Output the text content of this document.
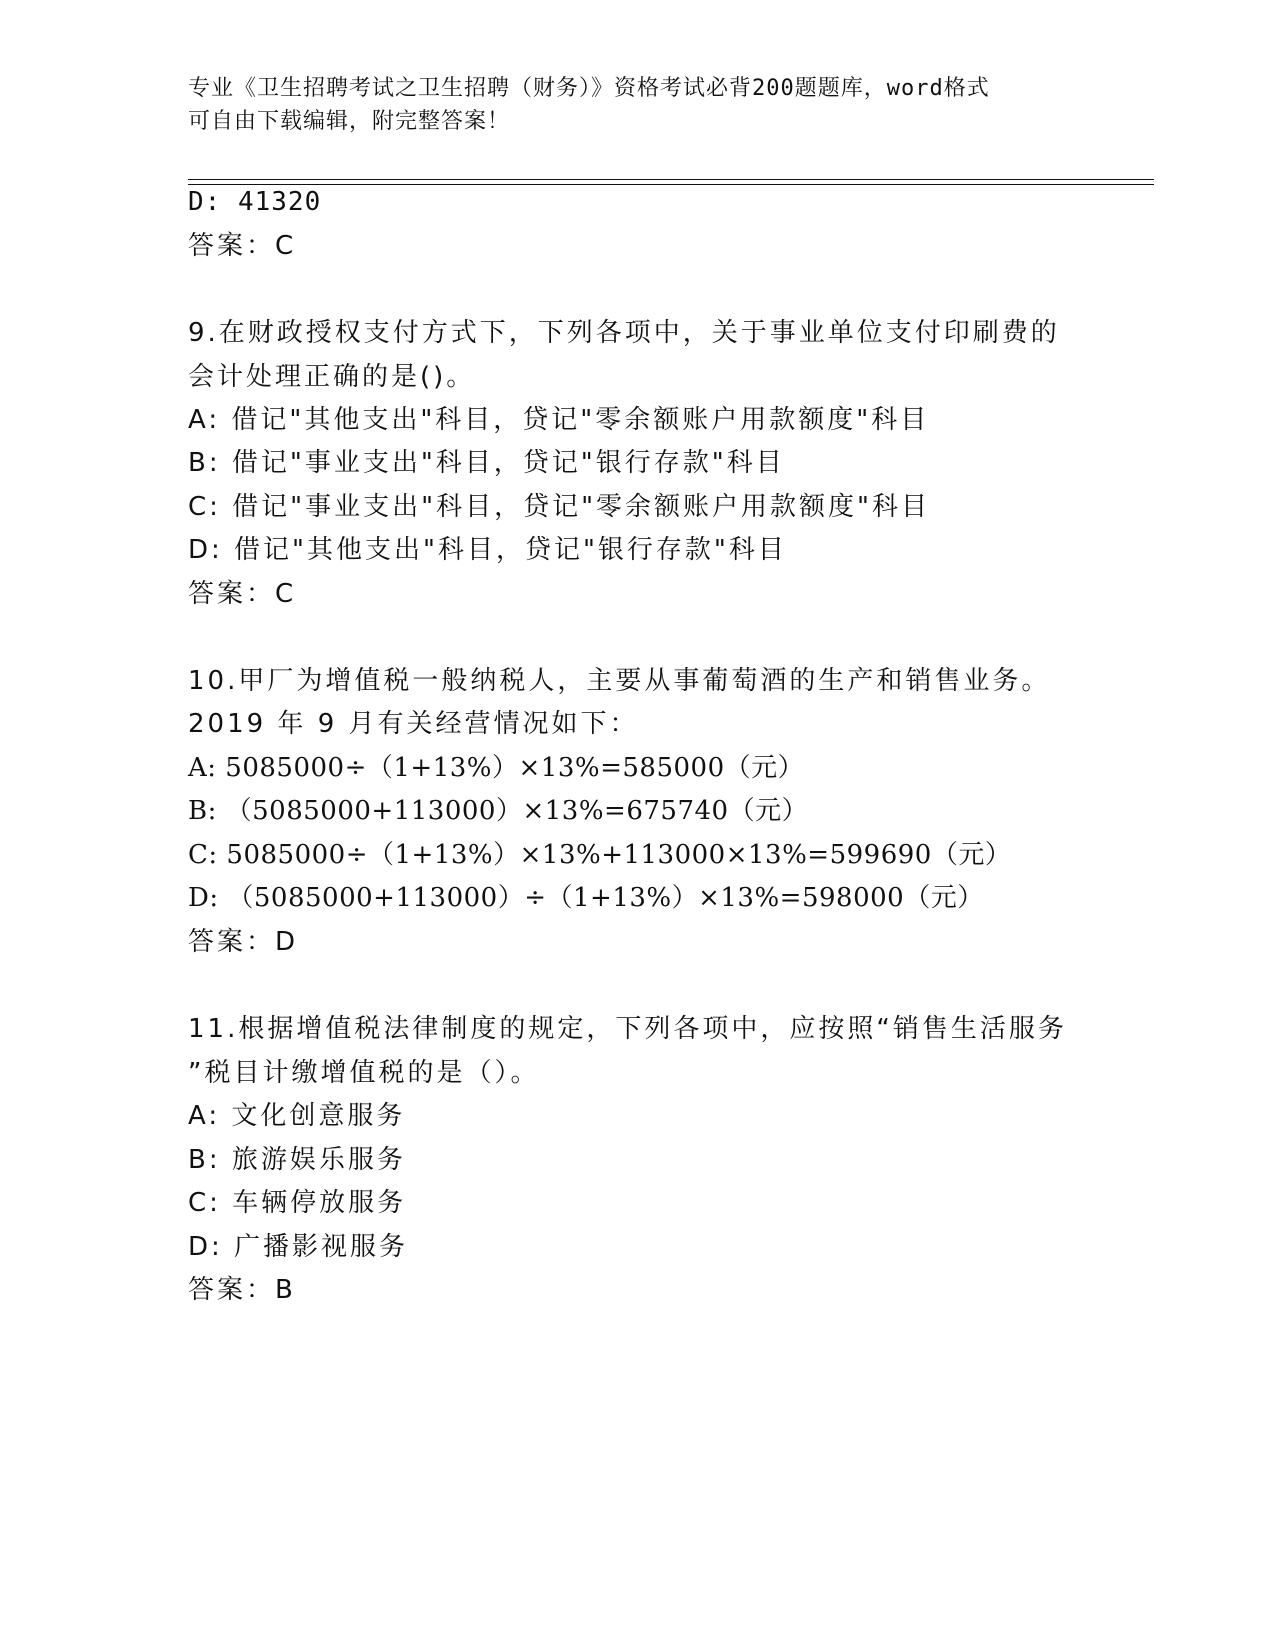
专业《卫生招聘考试之卫生招聘（财务）》资格考试必背200题题库，word格式
可自由下载编辑，附完整答案！
D: 41320
答案：C
9.在财政授权支付方式下，下列各项中，关于事业单位支付印刷费的
会计处理正确的是()。
A: 借记"其他支出"科目，贷记"零余额账户用款额度"科目
B: 借记"事业支出"科目，贷记"银行存款"科目
C: 借记"事业支出"科目，贷记"零余额账户用款额度"科目
D: 借记"其他支出"科目，贷记"银行存款"科目
答案：C
10.甲厂为增值税一般纳税人，主要从事葡萄酒的生产和销售业务。
2019 年 9 月有关经营情况如下：
A: 5085000÷（1+13%）×13%=585000（元）
B: （5085000+113000）×13%=675740（元）
C: 5085000÷（1+13%）×13%+113000×13%=599690（元）
D: （5085000+113000）÷（1+13%）×13%=598000（元）
答案：D
11.根据增值税法律制度的规定，下列各项中，应按照“销售生活服务
”税目计缴增值税的是（）。
A: 文化创意服务
B: 旅游娱乐服务
C: 车辆停放服务
D: 广播影视服务
答案：B
